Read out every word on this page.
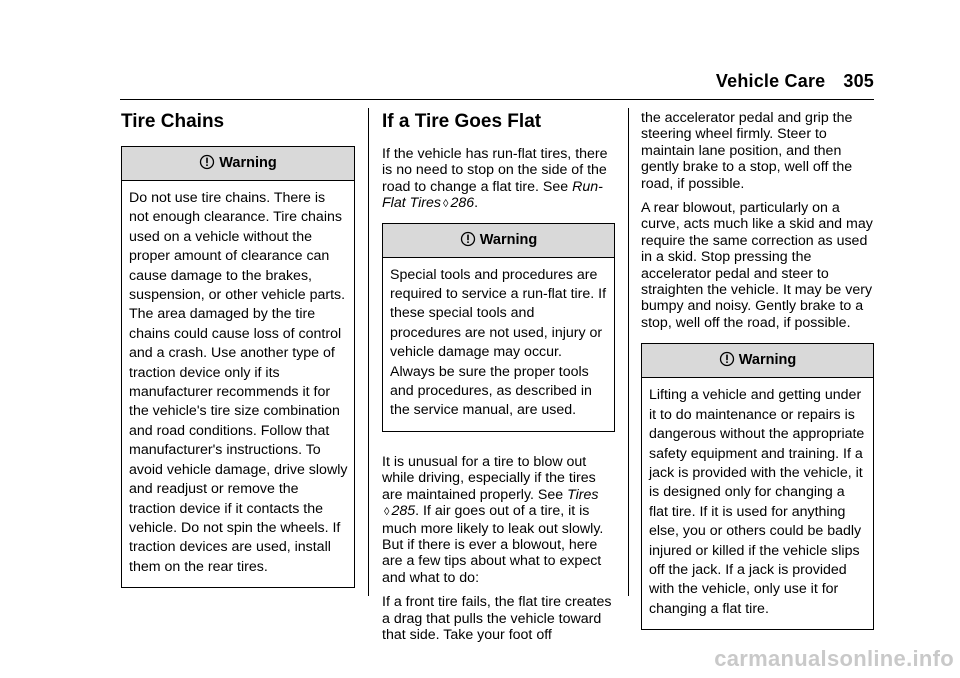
Vehicle Care 305
Tire Chains
Warning
Do not use tire chains. There is not enough clearance. Tire chains used on a vehicle without the proper amount of clearance can cause damage to the brakes, suspension, or other vehicle parts. The area damaged by the tire chains could cause loss of control and a crash. Use another type of traction device only if its manufacturer recommends it for the vehicle's tire size combination and road conditions. Follow that manufacturer's instructions. To avoid vehicle damage, drive slowly and readjust or remove the traction device if it contacts the vehicle. Do not spin the wheels. If traction devices are used, install them on the rear tires.
If a Tire Goes Flat

If the vehicle has run-flat tires, there is no need to stop on the side of the road to change a flat tire. See Run-Flat Tires ◊ 286.

Warning
Special tools and procedures are required to service a run-flat tire. If these special tools and procedures are not used, injury or vehicle damage may occur. Always be sure the proper tools and procedures, as described in the service manual, are used.

It is unusual for a tire to blow out while driving, especially if the tires are maintained properly. See Tires
◊ 285. If air goes out of a tire, it is much more likely to leak out slowly. But if there is ever a blowout, here are a few tips about what to expect and what to do:

If a front tire fails, the flat tire creates a drag that pulls the vehicle toward that side. Take your foot off

the accelerator pedal and grip the steering wheel firmly. Steer to maintain lane position, and then gently brake to a stop, well off the road, if possible.

A rear blowout, particularly on a curve, acts much like a skid and may require the same correction as used in a skid. Stop pressing the accelerator pedal and steer to straighten the vehicle. It may be very bumpy and noisy. Gently brake to a stop, well off the road, if possible.

Warning
Lifting a vehicle and getting under it to do maintenance or repairs is dangerous without the appropriate safety equipment and training. If a jack is provided with the vehicle, it is designed only for changing a flat tire. If it is used for anything else, you or others could be badly injured or killed if the vehicle slips off the jack. If a jack is provided with the vehicle, only use it for changing a flat tire.
carmanualsonline.info
